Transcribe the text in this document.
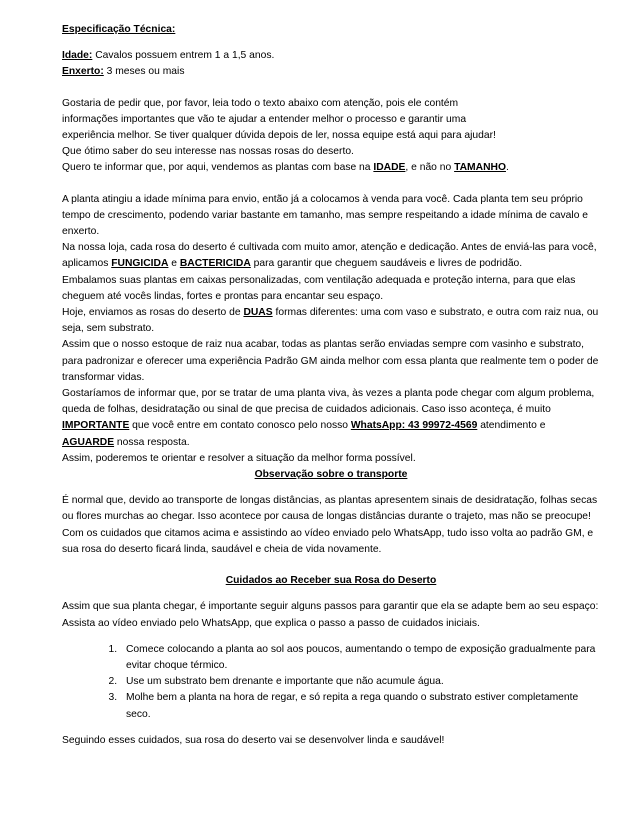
Especificação Técnica:
Idade: Cavalos possuem entrem 1 a 1,5 anos.
Enxerto: 3 meses ou mais
Gostaria de pedir que, por favor, leia todo o texto abaixo com atenção, pois ele contém
informações importantes que vão te ajudar a entender melhor o processo e garantir uma
experiência melhor. Se tiver qualquer dúvida depois de ler, nossa equipe está aqui para ajudar!
Que ótimo saber do seu interesse nas nossas rosas do deserto.
Quero te informar que, por aqui, vendemos as plantas com base na IDADE, e não no TAMANHO.
A planta atingiu a idade mínima para envio, então já a colocamos à venda para você. Cada planta tem seu próprio tempo de crescimento, podendo variar bastante em tamanho, mas sempre respeitando a idade mínima de cavalo e enxerto.
Na nossa loja, cada rosa do deserto é cultivada com muito amor, atenção e dedicação. Antes de enviá-las para você, aplicamos FUNGICIDA e BACTERICIDA para garantir que cheguem saudáveis e livres de podridão.
Embalamos suas plantas em caixas personalizadas, com ventilação adequada e proteção interna, para que elas cheguem até vocês lindas, fortes e prontas para encantar seu espaço.
Hoje, enviamos as rosas do deserto de DUAS formas diferentes: uma com vaso e substrato, e outra com raiz nua, ou seja, sem substrato.
Assim que o nosso estoque de raiz nua acabar, todas as plantas serão enviadas sempre com vasinho e substrato, para padronizar e oferecer uma experiência Padrão GM ainda melhor com essa planta que realmente tem o poder de transformar vidas.
Gostaríamos de informar que, por se tratar de uma planta viva, às vezes a planta pode chegar com algum problema, queda de folhas, desidratação ou sinal de que precisa de cuidados adicionais. Caso isso aconteça, é muito IMPORTANTE que você entre em contato conosco pelo nosso WhatsApp: 43 99972-4569 atendimento e AGUARDE nossa resposta.
Assim, poderemos te orientar e resolver a situação da melhor forma possível.
Observação sobre o transporte
É normal que, devido ao transporte de longas distâncias, as plantas apresentem sinais de desidratação, folhas secas ou flores murchas ao chegar. Isso acontece por causa de longas distâncias durante o trajeto, mas não se preocupe! Com os cuidados que citamos acima e assistindo ao vídeo enviado pelo WhatsApp, tudo isso volta ao padrão GM, e sua rosa do deserto ficará linda, saudável e cheia de vida novamente.
Cuidados ao Receber sua Rosa do Deserto
Assim que sua planta chegar, é importante seguir alguns passos para garantir que ela se adapte bem ao seu espaço: Assista ao vídeo enviado pelo WhatsApp, que explica o passo a passo de cuidados iniciais.
1. Comece colocando a planta ao sol aos poucos, aumentando o tempo de exposição gradualmente para evitar choque térmico.
2. Use um substrato bem drenante e importante que não acumule água.
3. Molhe bem a planta na hora de regar, e só repita a rega quando o substrato estiver completamente seco.
Seguindo esses cuidados, sua rosa do deserto vai se desenvolver linda e saudável!
